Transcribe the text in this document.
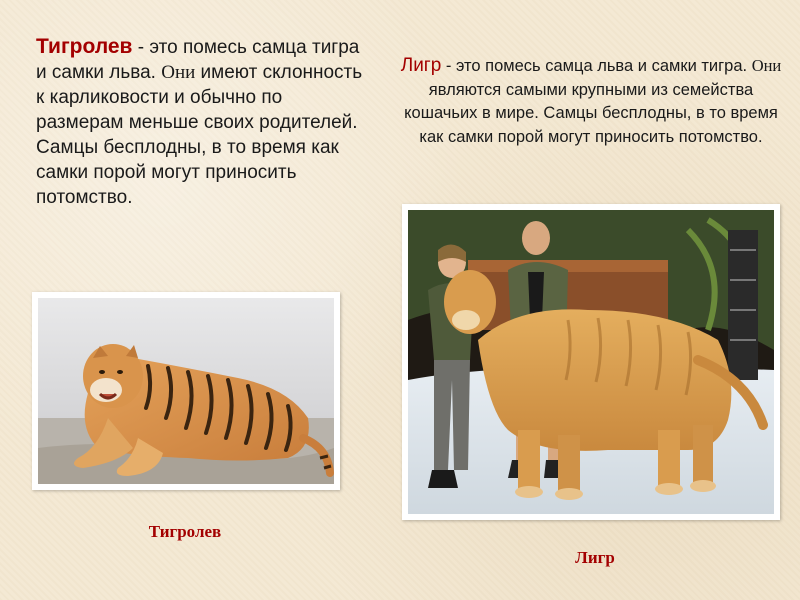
Тигролев - это помесь самца тигра и самки льва. Они имеют склонность к карликовости и обычно по размерам меньше своих родителей. Самцы бесплодны, в то время как самки порой могут приносить потомство.
Лигр - это помесь самца льва и самки тигра. Они являются самыми крупными из семейства кошачьих в мире. Самцы бесплодны, в то время как самки порой могут приносить потомство.
Тигролев
Лигр
